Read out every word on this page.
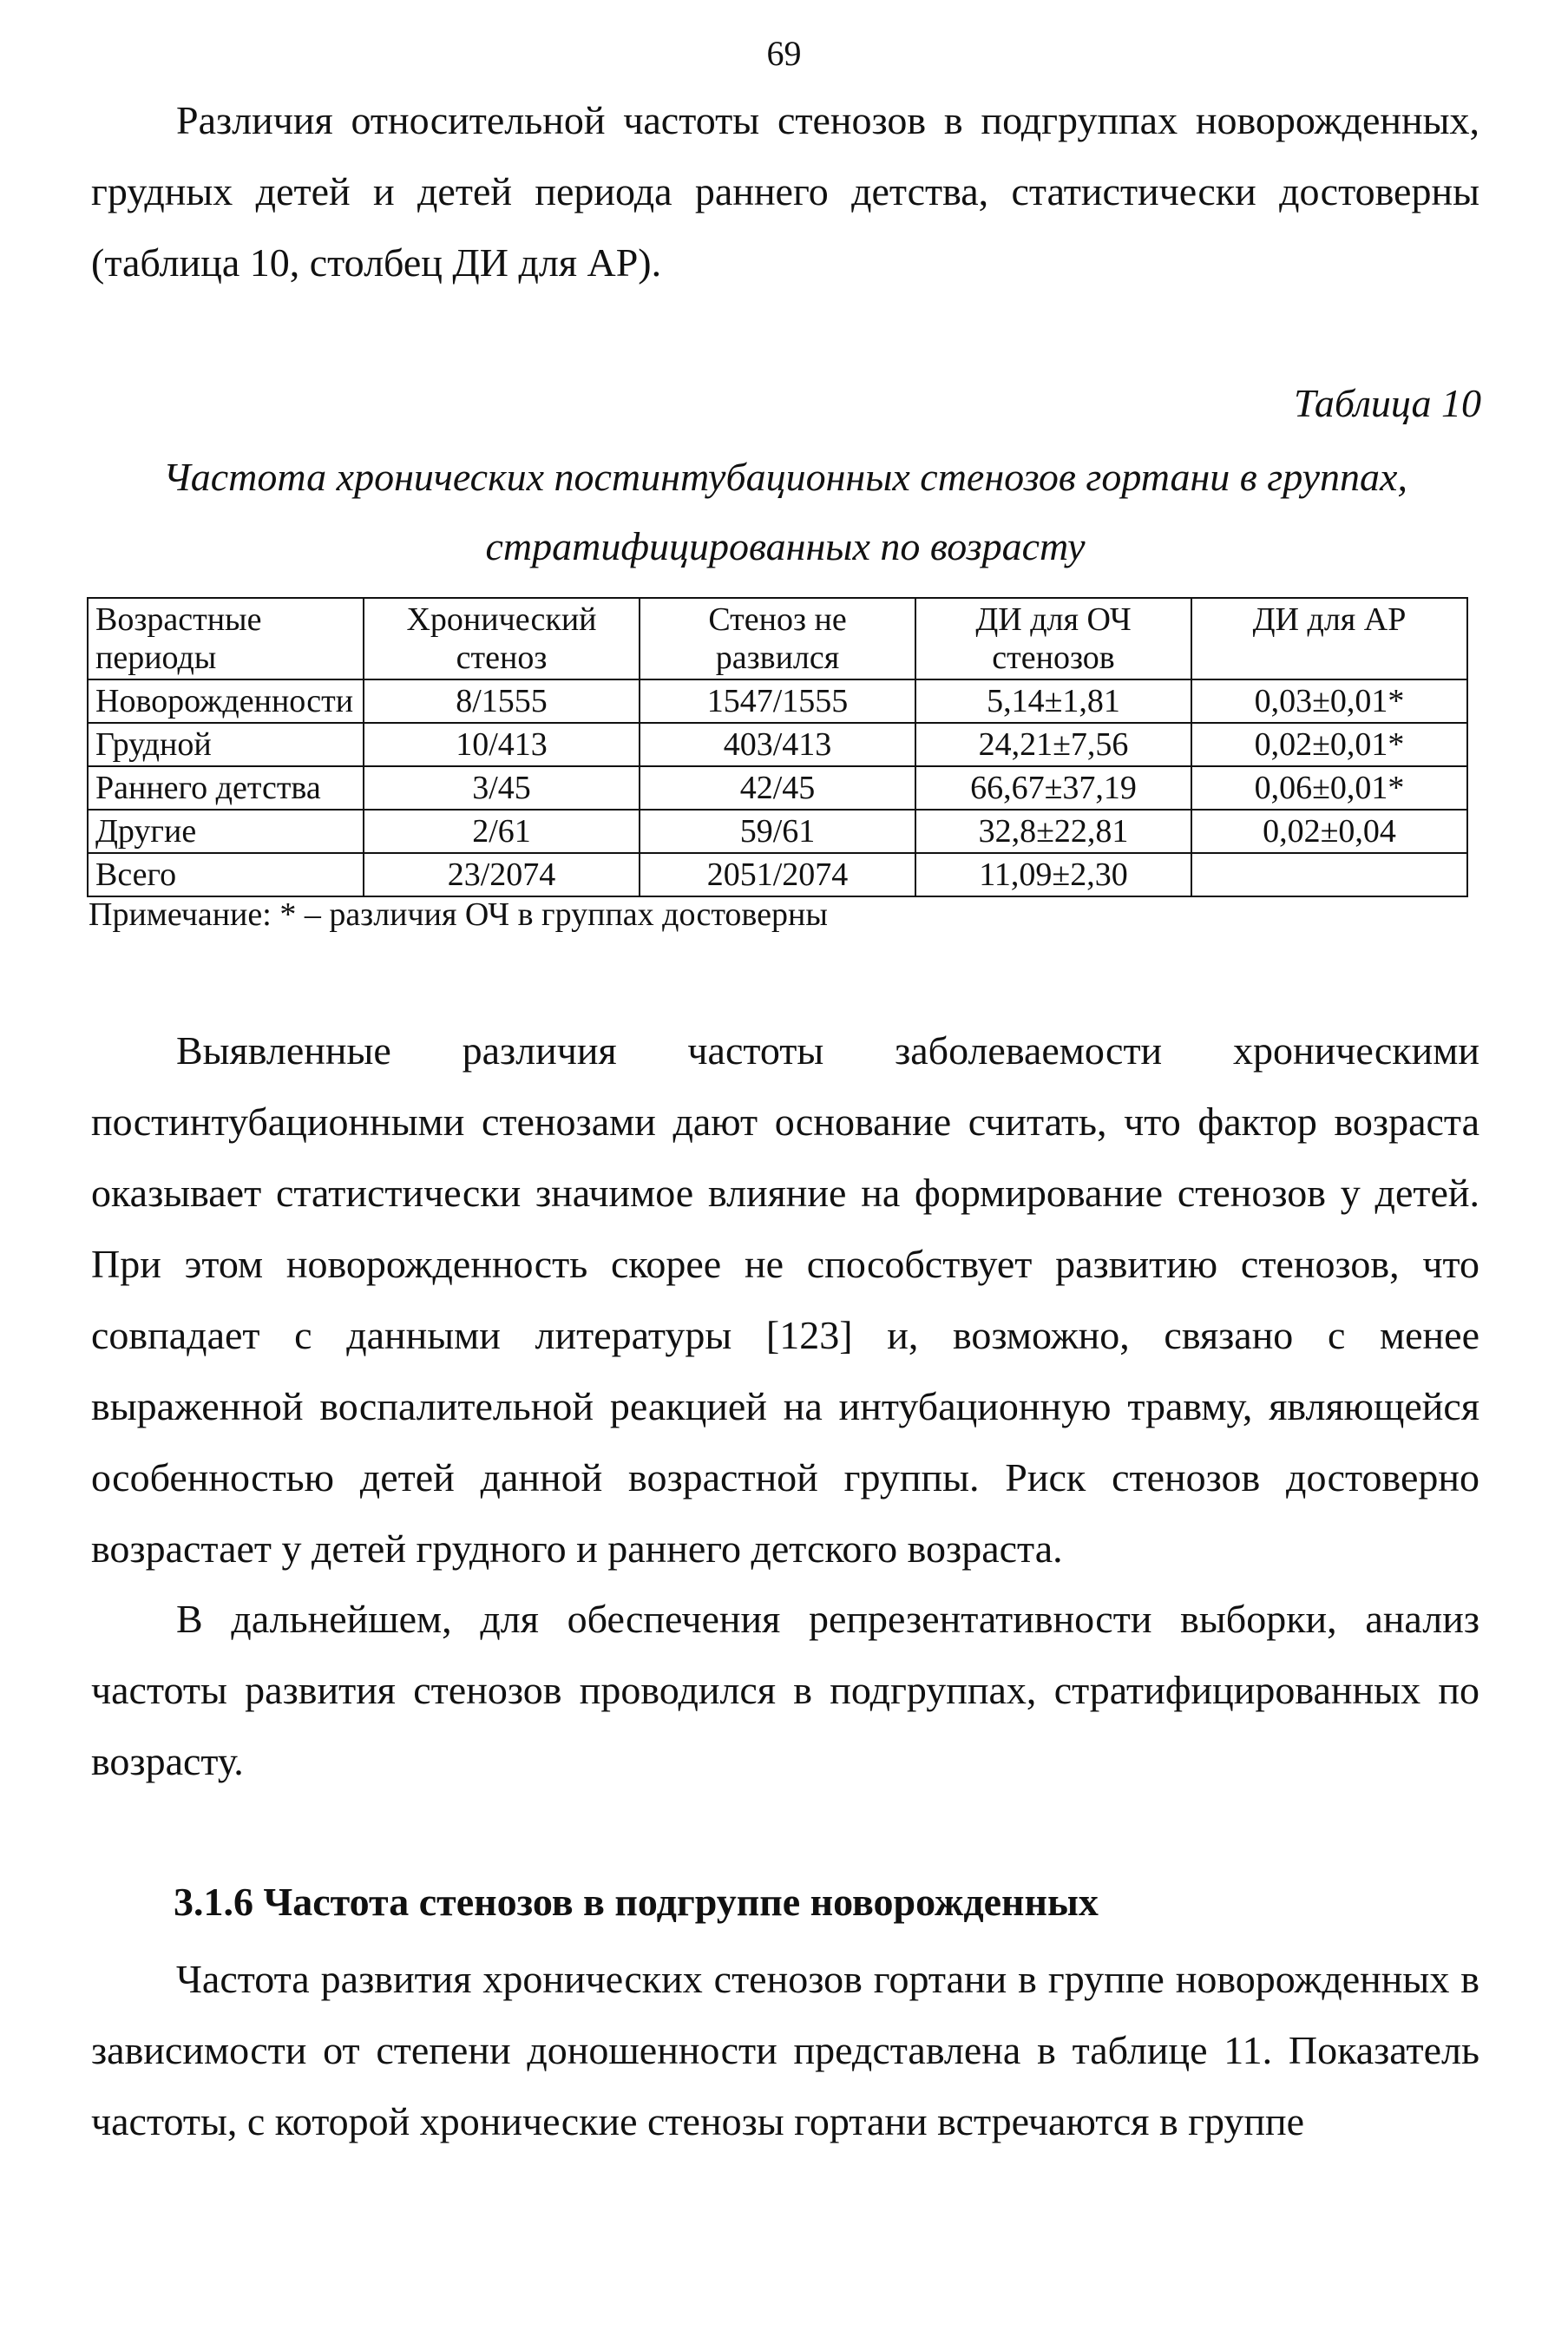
69

Различия относительной частоты стенозов в подгруппах новорожденных, грудных детей и детей периода раннего детства, статистически достоверны (таблица 10, столбец ДИ для АР).

Таблица 10
Частота хронических постинтубационных стенозов гортани в группах, стратифицированных по возрасту
Возрастные периоды	Хронический стеноз	Стеноз не развился	ДИ для ОЧ стенозов	ДИ для АР
Новорожденности	8/1555	1547/1555	5,14±1,81	0,03±0,01*
Грудной	10/413	403/413	24,21±7,56	0,02±0,01*
Раннего детства	3/45	42/45	66,67±37,19	0,06±0,01*
Другие	2/61	59/61	32,8±22,81	0,02±0,04
Всего	23/2074	2051/2074	11,09±2,30	
Примечание: * – различия ОЧ в группах достоверны

Выявленные различия частоты заболеваемости хроническими постинтубационными стенозами дают основание считать, что фактор возраста оказывает статистически значимое влияние на формирование стенозов у детей. При этом новорожденность скорее не способствует развитию стенозов, что совпадает с данными литературы [123] и, возможно, связано с менее выраженной воспалительной реакцией на интубационную травму, являющейся особенностью детей данной возрастной группы. Риск стенозов достоверно возрастает у детей грудного и раннего детского возраста.

В дальнейшем, для обеспечения репрезентативности выборки, анализ частоты развития стенозов проводился в подгруппах, стратифицированных по возрасту.

3.1.6 Частота стенозов в подгруппе новорожденных

Частота развития хронических стенозов гортани в группе новорожденных в зависимости от степени доношенности представлена в таблице 11. Показатель частоты, с которой хронические стенозы гортани встречаются в группе
